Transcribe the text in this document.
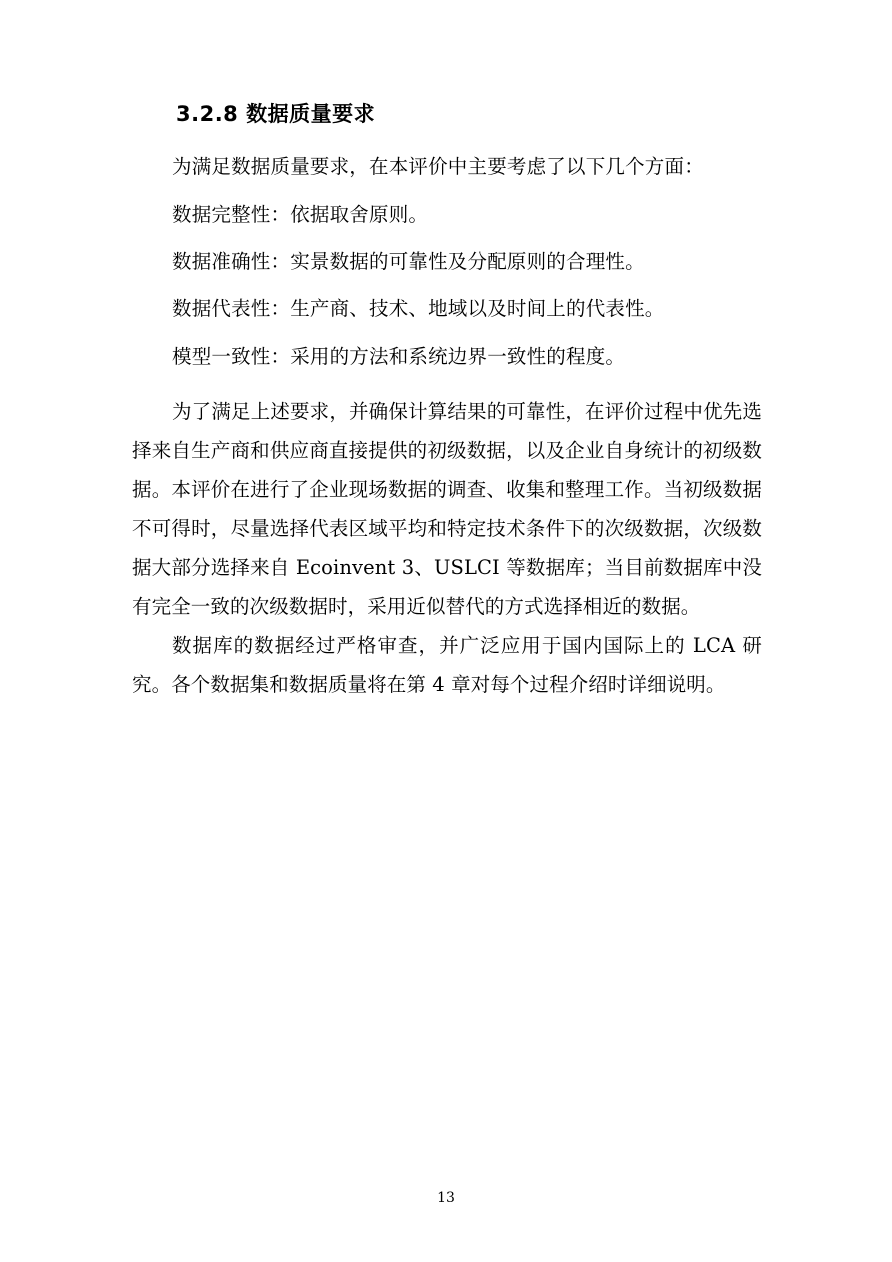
3.2.8 数据质量要求

为满足数据质量要求，在本评价中主要考虑了以下几个方面：

数据完整性：依据取舍原则。

数据准确性：实景数据的可靠性及分配原则的合理性。

数据代表性：生产商、技术、地域以及时间上的代表性。

模型一致性：采用的方法和系统边界一致性的程度。

为了满足上述要求，并确保计算结果的可靠性，在评价过程中优先选择来自生产商和供应商直接提供的初级数据，以及企业自身统计的初级数据。本评价在进行了企业现场数据的调查、收集和整理工作。当初级数据不可得时，尽量选择代表区域平均和特定技术条件下的次级数据，次级数据大部分选择来自 Ecoinvent 3、USLCI 等数据库；当目前数据库中没有完全一致的次级数据时，采用近似替代的方式选择相近的数据。

数据库的数据经过严格审查，并广泛应用于国内国际上的 LCA 研究。各个数据集和数据质量将在第 4 章对每个过程介绍时详细说明。

13
